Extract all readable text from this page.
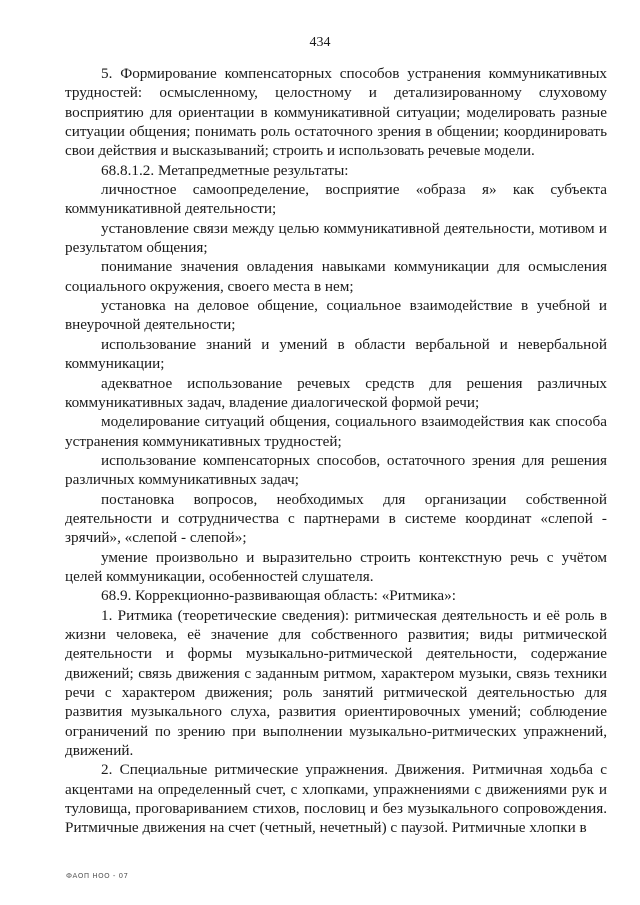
434

5. Формирование компенсаторных способов устранения коммуникативных трудностей: осмысленному, целостному и детализированному слуховому восприятию для ориентации в коммуникативной ситуации; моделировать разные ситуации общения; понимать роль остаточного зрения в общении; координировать свои действия и высказываний; строить и использовать речевые модели.

68.8.1.2. Метапредметные результаты:

личностное самоопределение, восприятие «образа я» как субъекта коммуникативной деятельности;

установление связи между целью коммуникативной деятельности, мотивом и результатом общения;

понимание значения овладения навыками коммуникации для осмысления социального окружения, своего места в нем;

установка на деловое общение, социальное взаимодействие в учебной и внеурочной деятельности;

использование знаний и умений в области вербальной и невербальной коммуникации;

адекватное использование речевых средств для решения различных коммуникативных задач, владение диалогической формой речи;

моделирование ситуаций общения, социального взаимодействия как способа устранения коммуникативных трудностей;

использование компенсаторных способов, остаточного зрения для решения различных коммуникативных задач;

постановка вопросов, необходимых для организации собственной деятельности и сотрудничества с партнерами в системе координат «слепой - зрячий», «слепой - слепой»;

умение произвольно и выразительно строить контекстную речь с учётом целей коммуникации, особенностей слушателя.

68.9. Коррекционно-развивающая область: «Ритмика»:

1. Ритмика (теоретические сведения): ритмическая деятельность и её роль в жизни человека, её значение для собственного развития; виды ритмической деятельности и формы музыкально-ритмической деятельности, содержание движений; связь движения с заданным ритмом, характером музыки, связь техники речи с характером движения; роль занятий ритмической деятельностью для развития музыкального слуха, развития ориентировочных умений; соблюдение ограничений по зрению при выполнении музыкально-ритмических упражнений, движений.

2. Специальные ритмические упражнения. Движения. Ритмичная ходьба с акцентами на определенный счет, с хлопками, упражнениями с движениями рук и туловища, проговариванием стихов, пословиц и без музыкального сопровождения. Ритмичные движения на счет (четный, нечетный) с паузой. Ритмичные хлопки в

ФАОП НОО - 07
